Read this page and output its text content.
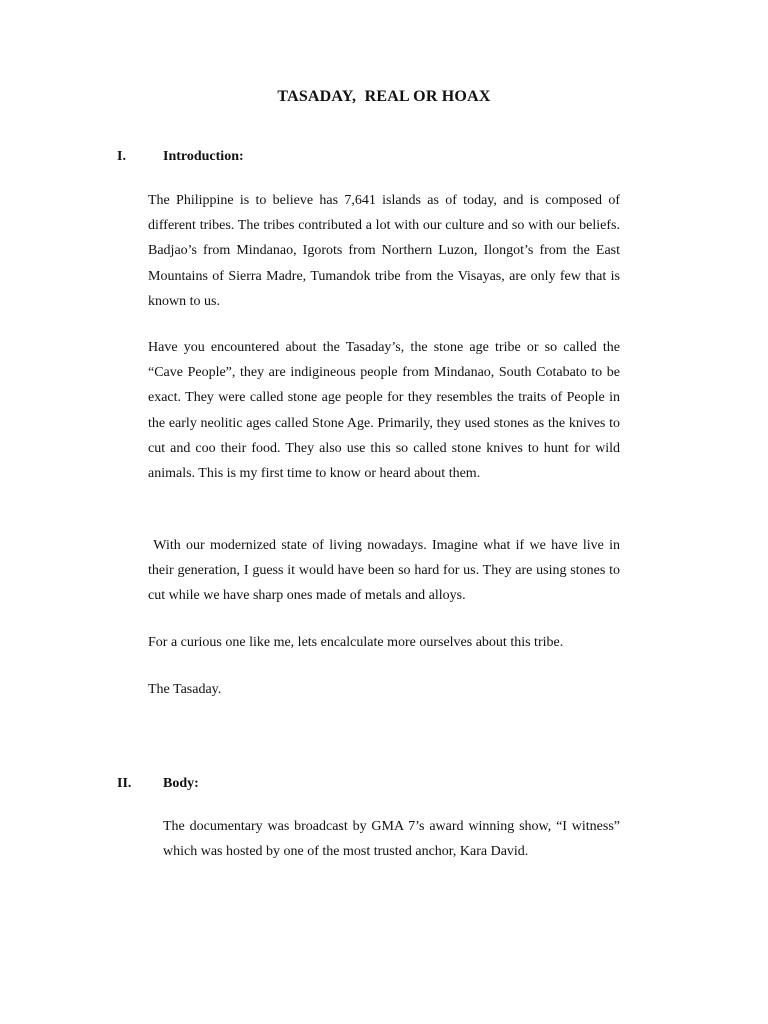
TASADAY,  REAL OR HOAX
I.	Introduction:

The Philippine is to believe has 7,641 islands as of today, and is composed of different tribes. The tribes contributed a lot with our culture and so with our beliefs. Badjao’s from Mindanao, Igorots from Northern Luzon, Ilongot’s from the East Mountains of Sierra Madre, Tumandok tribe from the Visayas, are only few that is known to us.

Have you encountered about the Tasaday’s, the stone age tribe or so called the “Cave People”, they are indigineous people from Mindanao, South Cotabato to be exact. They were called stone age people for they resembles the traits of People in the early neolitic ages called Stone Age. Primarily, they used stones as the knives to cut and coo their food. They also use this so called stone knives to hunt for wild animals. This is my first time to know or heard about them.

With our modernized state of living nowadays. Imagine what if we have live in their generation, I guess it would have been so hard for us. They are using stones to cut while we have sharp ones made of metals and alloys.

For a curious one like me, lets encalculate more ourselves about this tribe.

The Tasaday.

II. Body:

The documentary was broadcast by GMA 7’s award winning show, “I witness” which was hosted by one of the most trusted anchor, Kara David.
